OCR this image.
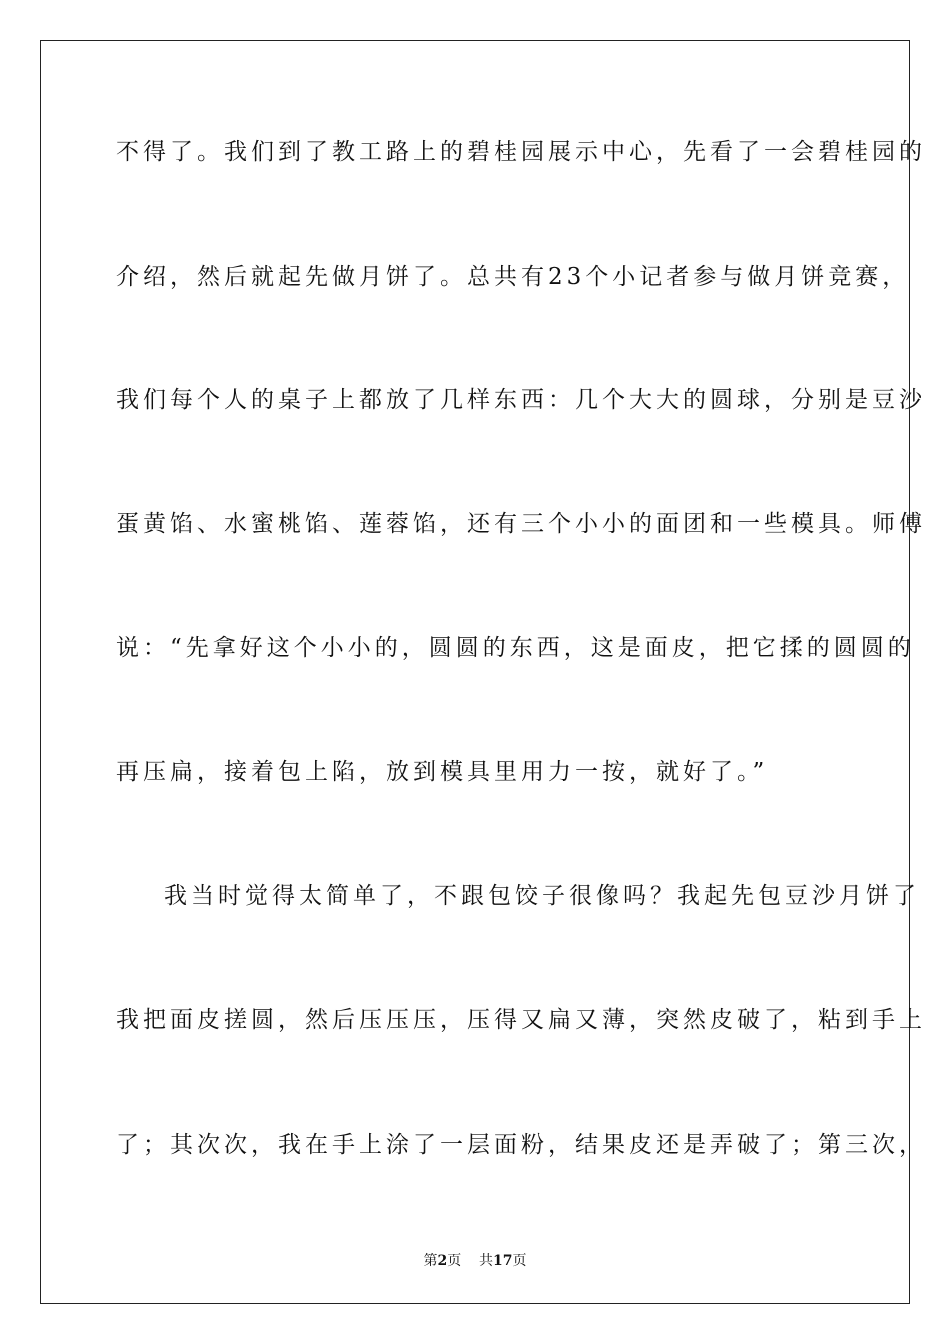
不得了。我们到了教工路上的碧桂园展示中心，先看了一会碧桂园的
介绍，然后就起先做月饼了。总共有23个小记者参与做月饼竞赛，
我们每个人的桌子上都放了几样东西：几个大大的圆球，分别是豆沙
蛋黄馅、水蜜桃馅、莲蓉馅，还有三个小小的面团和一些模具。师傅
说：“先拿好这个小小的，圆圆的东西，这是面皮，把它揉的圆圆的
再压扁，接着包上陷，放到模具里用力一按，就好了。”
我当时觉得太简单了，不跟包饺子很像吗？我起先包豆沙月饼了
我把面皮搓圆，然后压压压，压得又扁又薄，突然皮破了，粘到手上
了；其次次，我在手上涂了一层面粉，结果皮还是弄破了；第三次，
第2页 共17页
